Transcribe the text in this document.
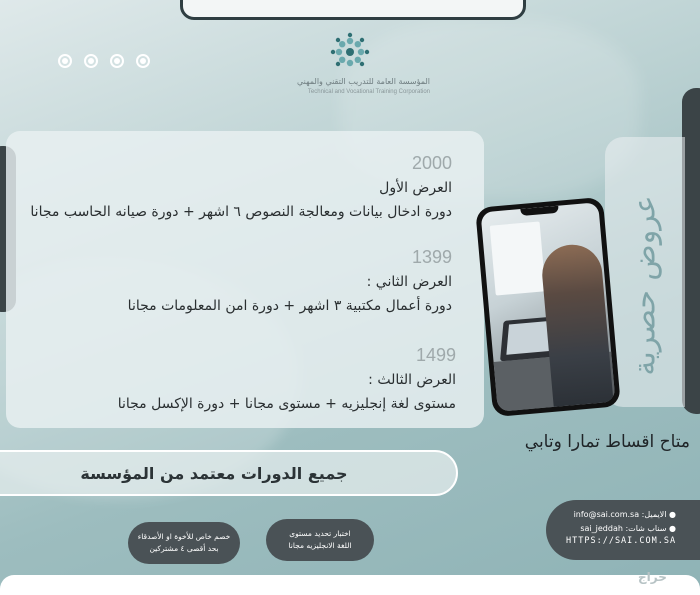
المؤسسة العامة للتدريب التقني والمهني
Technical and Vocational Training Corporation
2000
العرض الأول
دورة ادخال بيانات ومعالجة النصوص ٦ اشهر + دورة صيانه الحاسب مجانا
1399
العرض الثاني :
دورة أعمال مكتبية ٣ اشهر + دورة امن المعلومات مجانا
1499
العرض الثالث :
مستوى لغة إنجليزيه + مستوى مجانا + دورة الإكسل مجانا
عروض حصرية
متاح اقساط تمارا وتابي
جميع الدورات معتمد من المؤسسة
خصم خاص للأخوة او الأصدقاء
بحد أقصى ٤ مشتركين
اختبار تحديد مستوى
اللغة الانجليزيه مجانا
● الايميل: info@sai.com.sa
● سناب شات: sai_jeddah
HTTPS://SAI.COM.SA
حراج
